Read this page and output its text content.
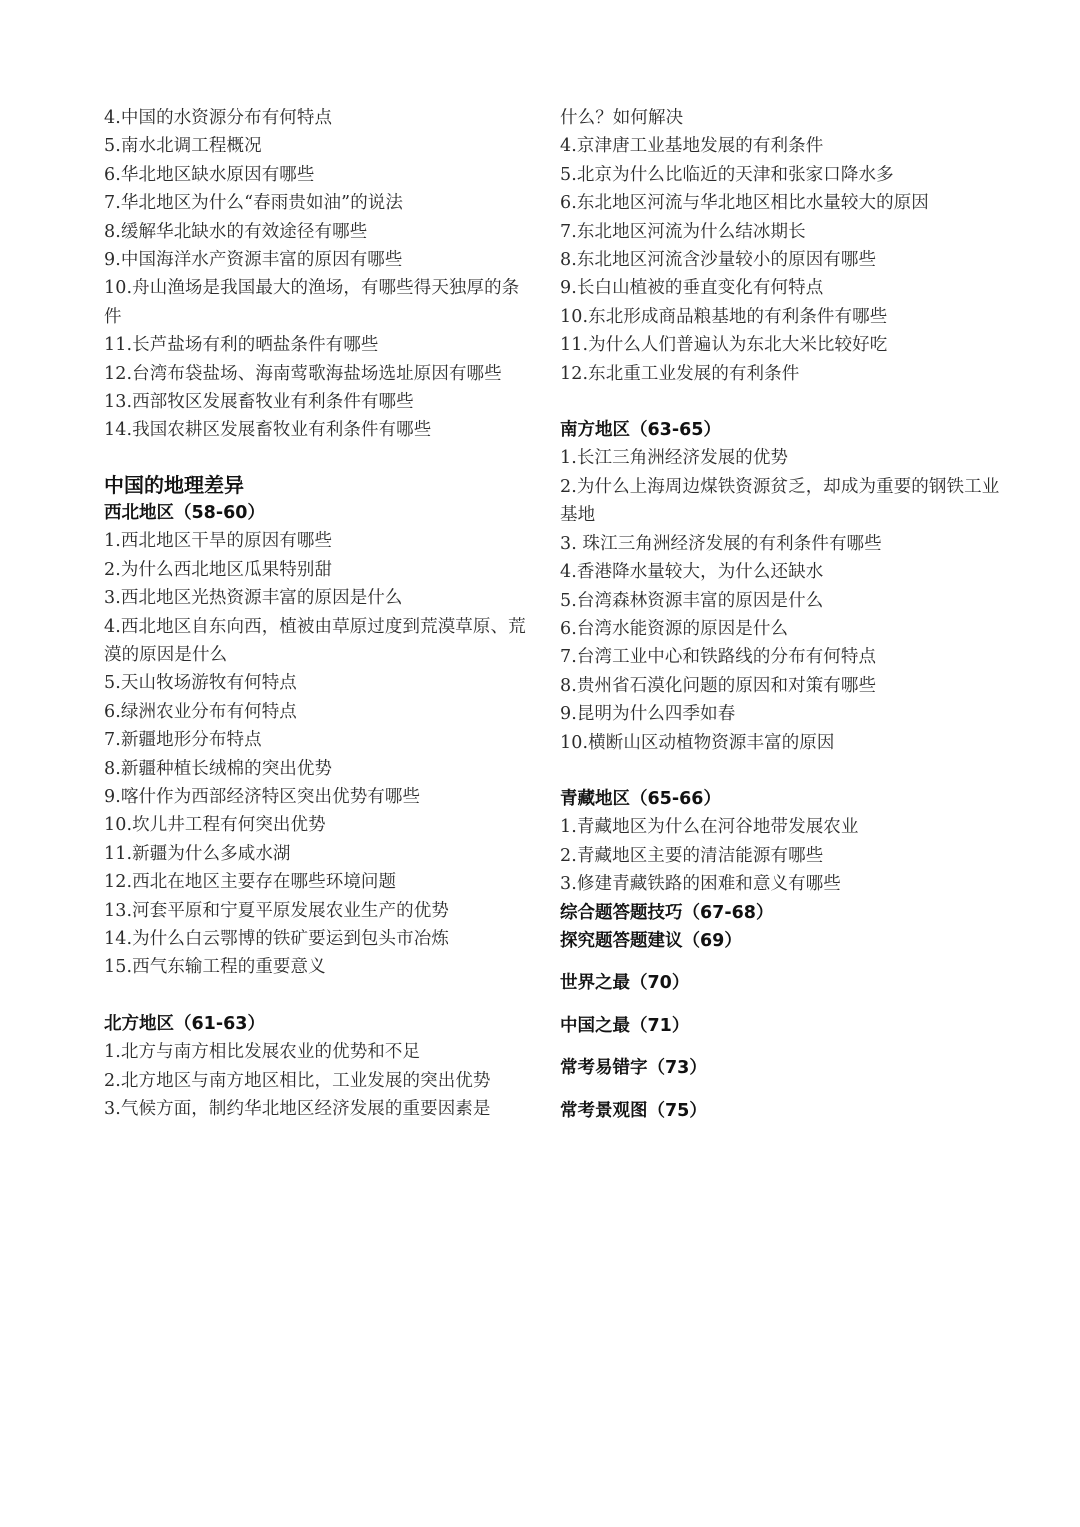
4.中国的水资源分布有何特点
5.南水北调工程概况
6.华北地区缺水原因有哪些
7.华北地区为什么“春雨贵如油”的说法
8.缓解华北缺水的有效途径有哪些
9.中国海洋水产资源丰富的原因有哪些
10.舟山渔场是我国最大的渔场，有哪些得天独厚的条件
11.长芦盐场有利的晒盐条件有哪些
12.台湾布袋盐场、海南莺歌海盐场选址原因有哪些
13.西部牧区发展畜牧业有利条件有哪些
14.我国农耕区发展畜牧业有利条件有哪些
中国的地理差异
西北地区（58-60）
1.西北地区干旱的原因有哪些
2.为什么西北地区瓜果特别甜
3.西北地区光热资源丰富的原因是什么
4.西北地区自东向西，植被由草原过度到荒漠草原、荒漠的原因是什么
5.天山牧场游牧有何特点
6.绿洲农业分布有何特点
7.新疆地形分布特点
8.新疆种植长绒棉的突出优势
9.喀什作为西部经济特区突出优势有哪些
10.坎儿井工程有何突出优势
11.新疆为什么多咸水湖
12.西北在地区主要存在哪些环境问题
13.河套平原和宁夏平原发展农业生产的优势
14.为什么白云鄂博的铁矿要运到包头市冶炼
15.西气东输工程的重要意义
北方地区（61-63）
1.北方与南方相比发展农业的优势和不足
2.北方地区与南方地区相比，工业发展的突出优势
3.气候方面，制约华北地区经济发展的重要因素是
什么？如何解决
4.京津唐工业基地发展的有利条件
5.北京为什么比临近的天津和张家口降水多
6.东北地区河流与华北地区相比水量较大的原因
7.东北地区河流为什么结冰期长
8.东北地区河流含沙量较小的原因有哪些
9.长白山植被的垂直变化有何特点
10.东北形成商品粮基地的有利条件有哪些
11.为什么人们普遍认为东北大米比较好吃
12.东北重工业发展的有利条件
南方地区（63-65）
1.长江三角洲经济发展的优势
2.为什么上海周边煤铁资源贫乏，却成为重要的钢铁工业基地
3. 珠江三角洲经济发展的有利条件有哪些
4.香港降水量较大，为什么还缺水
5.台湾森林资源丰富的原因是什么
6.台湾水能资源的原因是什么
7.台湾工业中心和铁路线的分布有何特点
8.贵州省石漠化问题的原因和对策有哪些
9.昆明为什么四季如春
10.横断山区动植物资源丰富的原因
青藏地区（65-66）
1.青藏地区为什么在河谷地带发展农业
2.青藏地区主要的清洁能源有哪些
3.修建青藏铁路的困难和意义有哪些
综合题答题技巧（67-68）
探究题答题建议（69）
世界之最（70）
中国之最（71）
常考易错字（73）
常考景观图（75）
